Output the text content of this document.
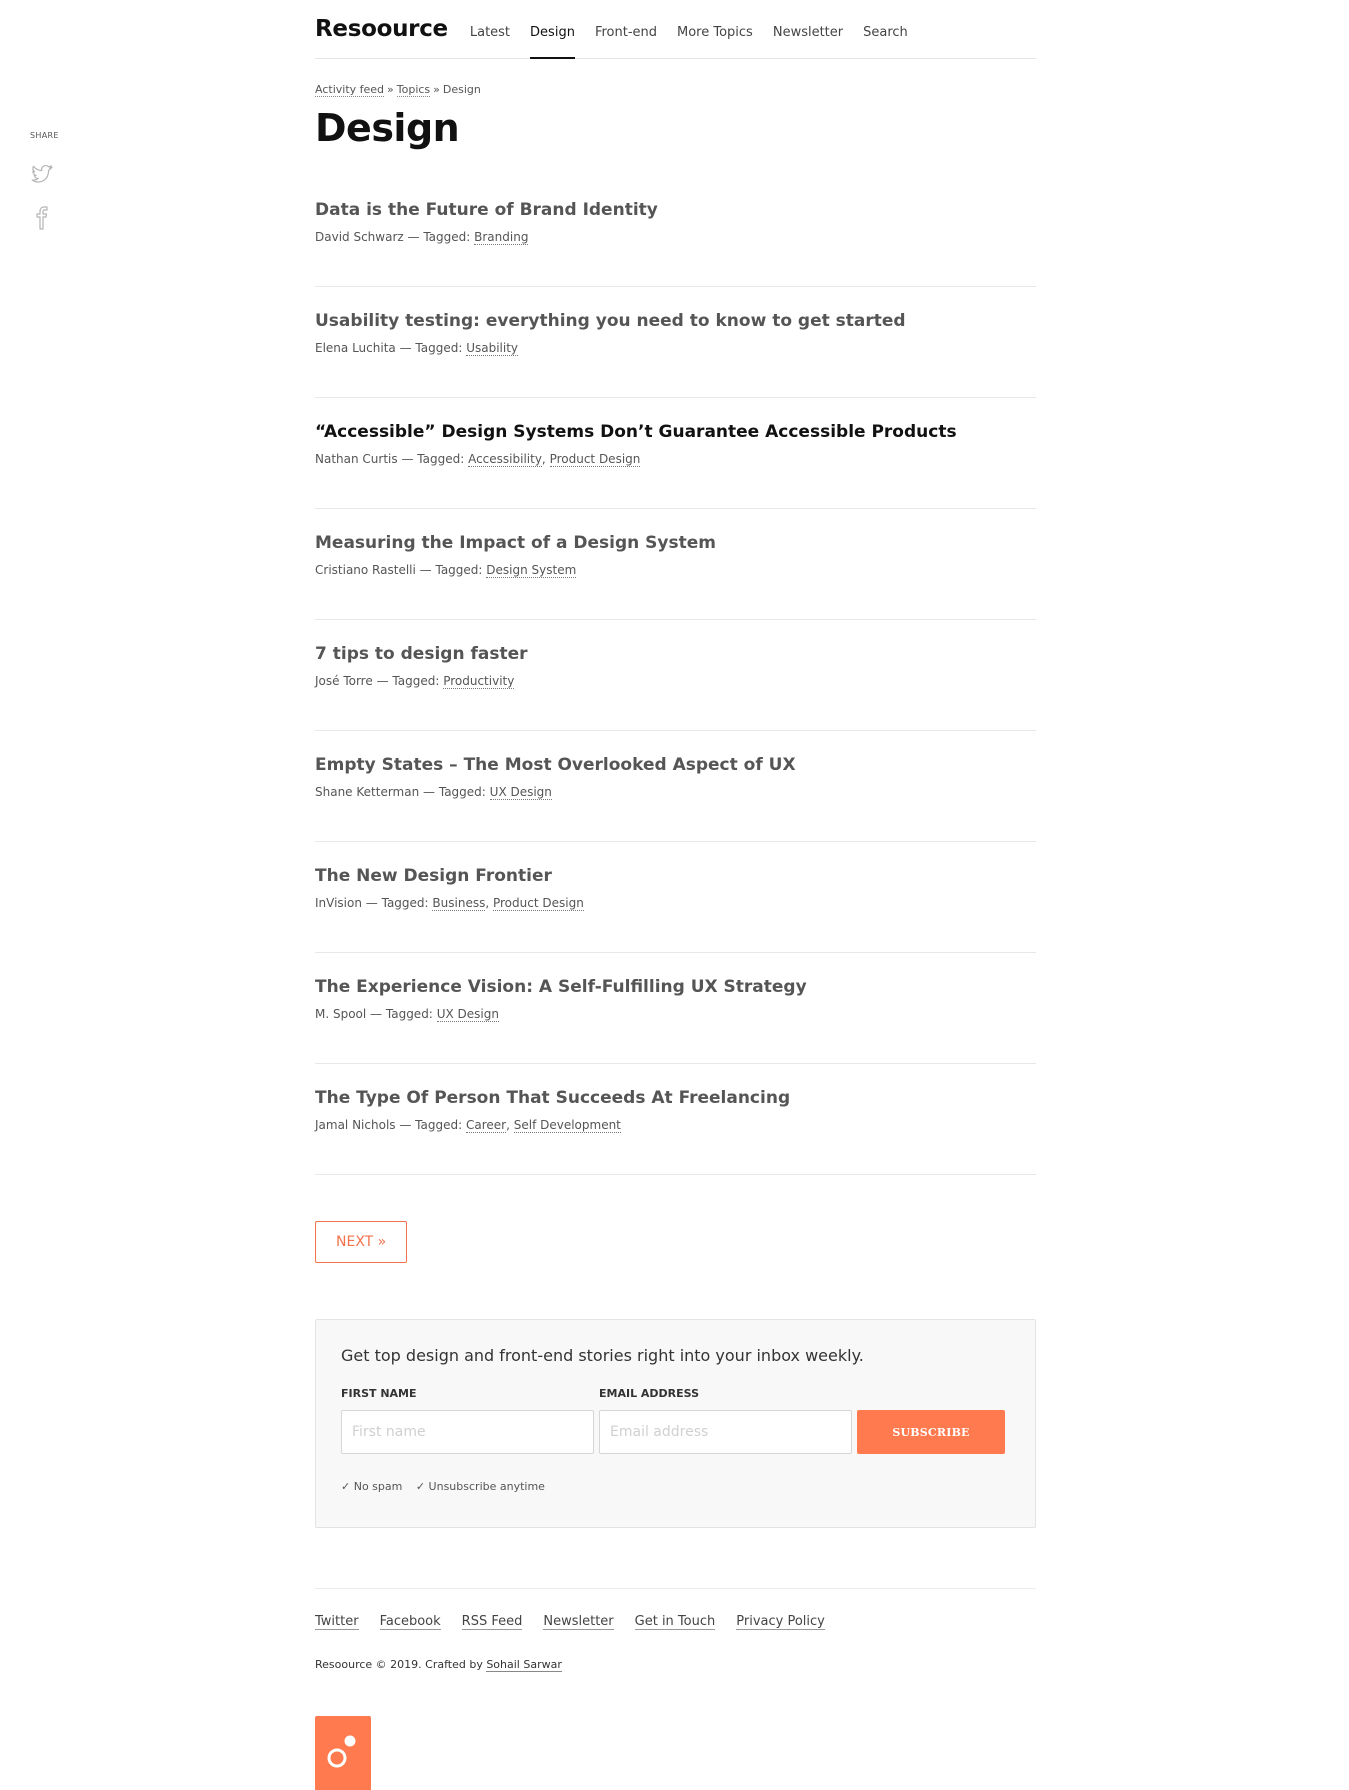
SHARE
Resoource Latest Design Front-end More Topics Newsletter Search
Activity feed » Topics » Design
Design
Data is the Future of Brand Identity
David Schwarz — Tagged: Branding
Usability testing: everything you need to know to get started
Elena Luchita — Tagged: Usability
“Accessible” Design Systems Don’t Guarantee Accessible Products
Nathan Curtis — Tagged: Accessibility, Product Design
Measuring the Impact of a Design System
Cristiano Rastelli — Tagged: Design System
7 tips to design faster
José Torre — Tagged: Productivity
Empty States – The Most Overlooked Aspect of UX
Shane Ketterman — Tagged: UX Design
The New Design Frontier
InVision — Tagged: Business, Product Design
The Experience Vision: A Self-Fulfilling UX Strategy
M. Spool — Tagged: UX Design
The Type Of Person That Succeeds At Freelancing
Jamal Nichols — Tagged: Career, Self Development
NEXT »

Get top design and front-end stories right into your inbox weekly.

FIRST NAME
First name	EMAIL ADDRESS
Email address
SUBSCRIBE
✓ No spam ✓ Unsubscribe anytime
Twitter Facebook RSS Feed Newsletter Get in Touch Privacy Policy

Resoource © 2019. Crafted by Sohail Sarwar
